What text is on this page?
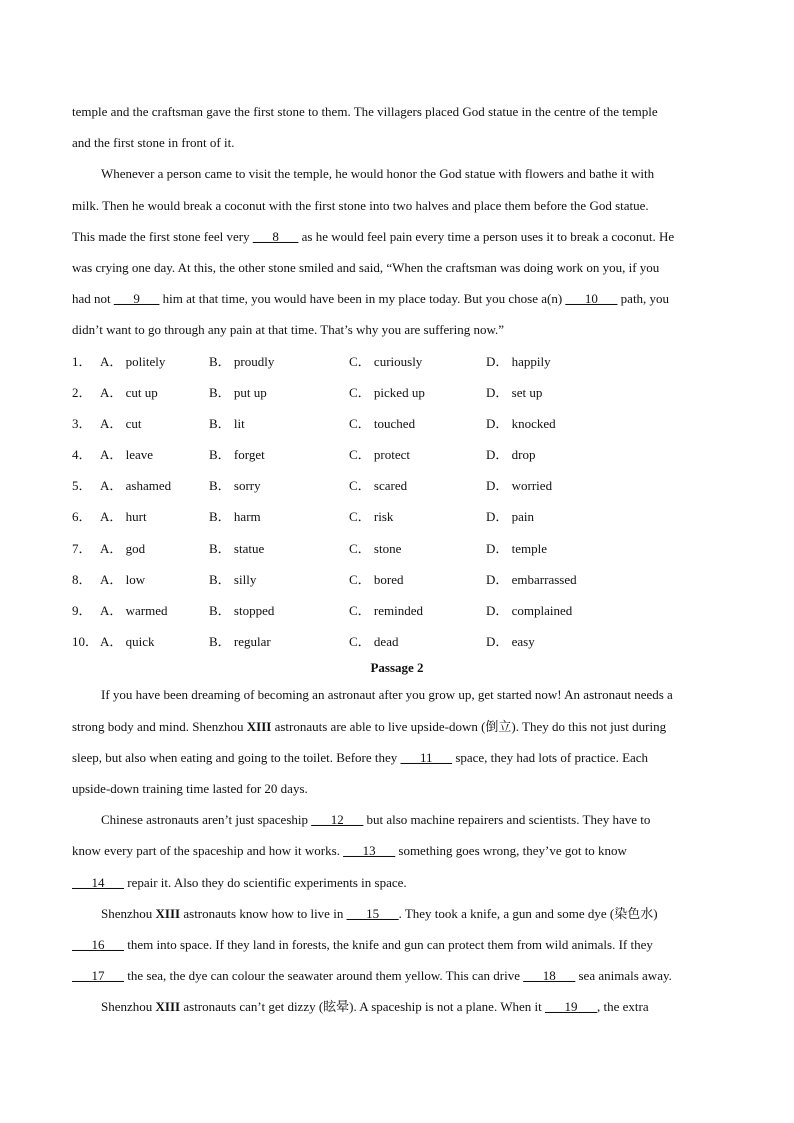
temple and the craftsman gave the first stone to them. The villagers placed God statue in the centre of the temple
and the first stone in front of it.
Whenever a person came to visit the temple, he would honor the God statue with flowers and bathe it with
milk. Then he would break a coconut with the first stone into two halves and place them before the God statue.
This made the first stone feel very ___8___ as he would feel pain every time a person uses it to break a coconut. He
was crying one day. At this, the other stone smiled and said, “When the craftsman was doing work on you, if you
had not ___9___ him at that time, you would have been in my place today. But you chose a(n) ___10___ path, you
didn’t want to go through any pain at that time. That’s why you are suffering now.”
1． A． politely	B． proudly	C． curiously	D． happily
2． A． cut up	B． put up	C． picked up	D． set up
3． A． cut	B． lit	C． touched	D． knocked
4． A． leave	B． forget	C． protect	D． drop
5． A． ashamed	B． sorry	C． scared	D． worried
6． A． hurt	B． harm	C． risk	D． pain
7． A． god	B． statue	C． stone	D． temple
8． A． low	B． silly	C． bored	D． embarrassed
9． A． warmed	B． stopped	C． reminded	D． complained
10． A． quick	B． regular	C． dead	D． easy
Passage 2
If you have been dreaming of becoming an astronaut after you grow up, get started now! An astronaut needs a
strong body and mind. Shenzhou XIII astronauts are able to live upside-down (倒立). They do this not just during
sleep, but also when eating and going to the toilet. Before they ___11___ space, they had lots of practice. Each
upside-down training time lasted for 20 days.
Chinese astronauts aren’t just spaceship ___12___ but also machine repairers and scientists. They have to
know every part of the spaceship and how it works. ___13___ something goes wrong, they’ve got to know
___14___ repair it. Also they do scientific experiments in space.
Shenzhou XIII astronauts know how to live in ___15___. They took a knife, a gun and some dye (染色水)
___16___ them into space. If they land in forests, the knife and gun can protect them from wild animals. If they
___17___ the sea, the dye can colour the seawater around them yellow. This can drive ___18___ sea animals away.
Shenzhou XIII astronauts can’t get dizzy (眩晕). A spaceship is not a plane. When it ___19___, the extra
